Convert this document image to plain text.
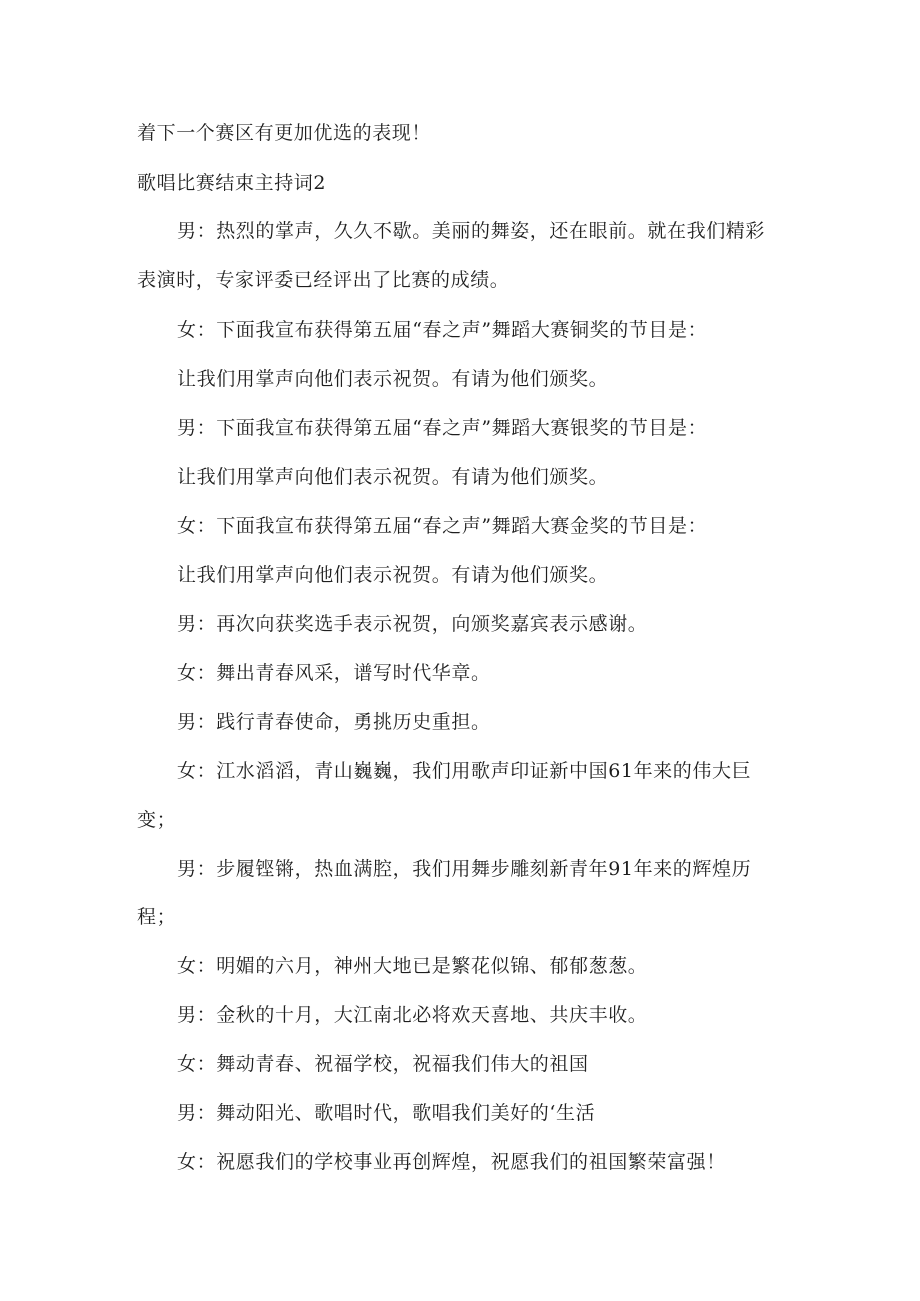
着下一个赛区有更加优选的表现！
歌唱比赛结束主持词2
男：热烈的掌声，久久不歇。美丽的舞姿，还在眼前。就在我们精彩
表演时，专家评委已经评出了比赛的成绩。
女：下面我宣布获得第五届“春之声”舞蹈大赛铜奖的节目是：
让我们用掌声向他们表示祝贺。有请为他们颁奖。
男：下面我宣布获得第五届“春之声”舞蹈大赛银奖的节目是：
让我们用掌声向他们表示祝贺。有请为他们颁奖。
女：下面我宣布获得第五届“春之声”舞蹈大赛金奖的节目是：
让我们用掌声向他们表示祝贺。有请为他们颁奖。
男：再次向获奖选手表示祝贺，向颁奖嘉宾表示感谢。
女：舞出青春风采，谱写时代华章。
男：践行青春使命，勇挑历史重担。
女：江水滔滔，青山巍巍，我们用歌声印证新中国61年来的伟大巨
变；
男：步履铿锵，热血满腔，我们用舞步雕刻新青年91年来的辉煌历
程；
女：明媚的六月，神州大地已是繁花似锦、郁郁葱葱。
男：金秋的十月，大江南北必将欢天喜地、共庆丰收。
女：舞动青春、祝福学校，祝福我们伟大的祖国
男：舞动阳光、歌唱时代，歌唱我们美好的‘生活
女：祝愿我们的学校事业再创辉煌，祝愿我们的祖国繁荣富强！
